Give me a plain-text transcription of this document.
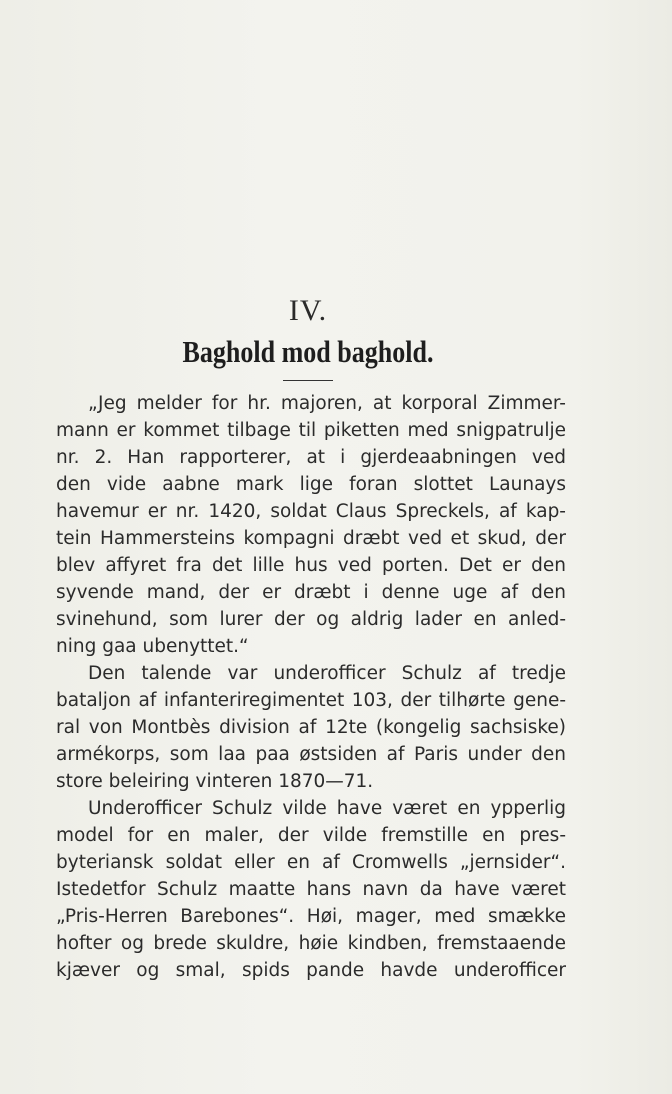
IV.
Baghold mod baghold.
„Jeg melder for hr. majoren, at korporal Zimmer-
mann er kommet tilbage til piketten med snigpatrulje
nr. 2. Han rapporterer, at i gjerdeaabningen ved
den vide aabne mark lige foran slottet Launays
havemur er nr. 1420, soldat Claus Spreckels, af kap-
tein Hammersteins kompagni dræbt ved et skud, der
blev affyret fra det lille hus ved porten. Det er den
syvende mand, der er dræbt i denne uge af den
svinehund, som lurer der og aldrig lader en anled-
ning gaa ubenyttet.“
Den talende var underofficer Schulz af tredje
bataljon af infanteriregimentet 103, der tilhørte gene-
ral von Montbès division af 12te (kongelig sachsiske)
armékorps, som laa paa østsiden af Paris under den
store beleiring vinteren 1870—71.
Underofficer Schulz vilde have været en ypperlig
model for en maler, der vilde fremstille en pres-
byteriansk soldat eller en af Cromwells „jernsider“.
Istedetfor Schulz maatte hans navn da have været
„Pris-Herren Barebones“. Høi, mager, med smække
hofter og brede skuldre, høie kindben, fremstaaende
kjæver og smal, spids pande havde underofficer
